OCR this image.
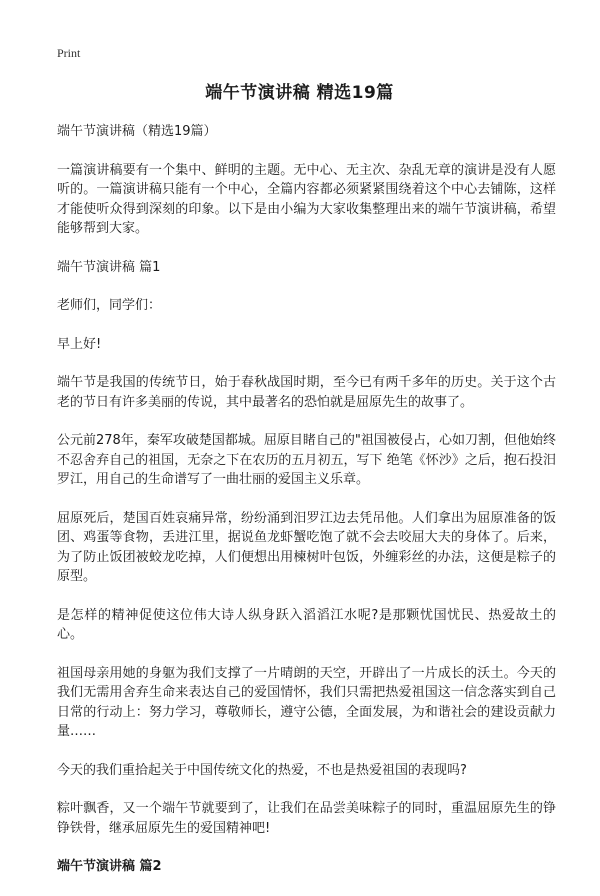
Print

端午节演讲稿 精选19篇

端午节演讲稿（精选19篇）

一篇演讲稿要有一个集中、鲜明的主题。无中心、无主次、杂乱无章的演讲是没有人愿听的。一篇演讲稿只能有一个中心，全篇内容都必须紧紧围绕着这个中心去铺陈，这样才能使听众得到深刻的印象。以下是由小编为大家收集整理出来的端午节演讲稿，希望能够帮到大家。

端午节演讲稿 篇1

老师们，同学们：

早上好!

端午节是我国的传统节日，始于春秋战国时期，至今已有两千多年的历史。关于这个古老的节日有许多美丽的传说，其中最著名的恐怕就是屈原先生的故事了。

公元前278年，秦军攻破楚国都城。屈原目睹自己的"祖国被侵占，心如刀割，但他始终不忍舍弃自己的祖国，无奈之下在农历的五月初五，写下 绝笔《怀沙》之后，抱石投汨罗江，用自己的生命谱写了一曲壮丽的爱国主义乐章。

屈原死后，楚国百姓哀痛异常，纷纷涌到汨罗江边去凭吊他。人们拿出为屈原准备的饭团、鸡蛋等食物，丢进江里，据说鱼龙虾蟹吃饱了就不会去咬屈大夫的身体了。后来，为了防止饭团被蛟龙吃掉，人们便想出用楝树叶包饭，外缠彩丝的办法，这便是粽子的原型。

是怎样的精神促使这位伟大诗人纵身跃入滔滔江水呢?是那颗忧国忧民、热爱故土的心。

祖国母亲用她的身躯为我们支撑了一片晴朗的天空，开辟出了一片成长的沃土。今天的我们无需用舍弃生命来表达自己的爱国情怀，我们只需把热爱祖国这一信念落实到自己日常的行动上：努力学习，尊敬师长，遵守公德，全面发展，为和谐社会的建设贡献力量……

今天的我们重拾起关于中国传统文化的热爱，不也是热爱祖国的表现吗?

粽叶飘香，又一个端午节就要到了，让我们在品尝美味粽子的同时，重温屈原先生的铮铮铁骨，继承屈原先生的爱国精神吧!

端午节演讲稿 篇2
